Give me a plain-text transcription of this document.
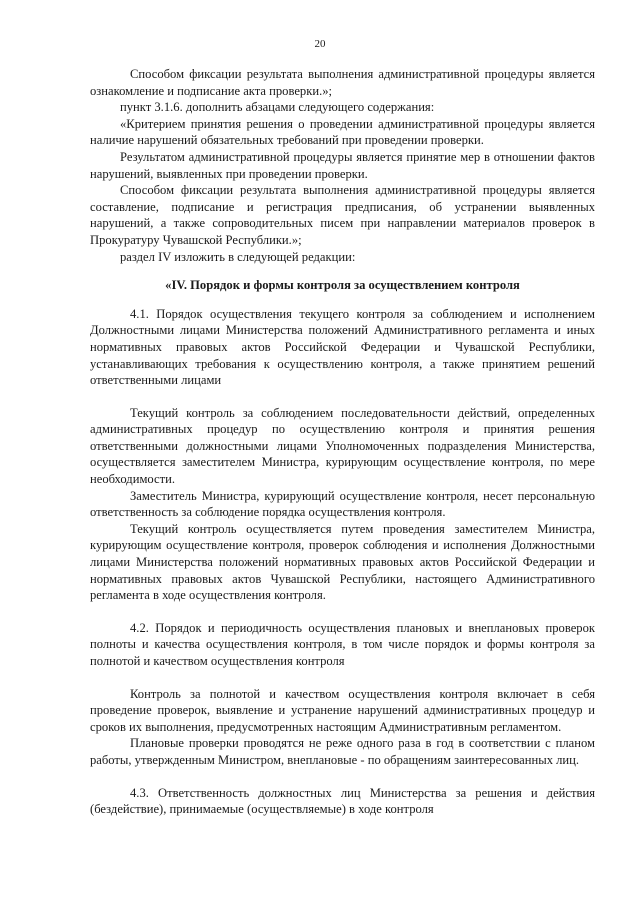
20

Способом фиксации результата выполнения административной процедуры является ознакомление и подписание акта проверки.»;

пункт 3.1.6. дополнить абзацами следующего содержания:

«Критерием принятия решения о проведении административной процедуры является наличие нарушений обязательных требований при проведении проверки.

Результатом административной процедуры является принятие мер в отношении фактов нарушений, выявленных при проведении проверки.

Способом фиксации результата выполнения административной процедуры является составление, подписание и регистрация предписания, об устранении выявленных нарушений, а также сопроводительных писем при направлении материалов проверок в Прокуратуру Чувашской Республики.»;

раздел IV изложить в следующей редакции:

«IV. Порядок и формы контроля за осуществлением контроля

4.1. Порядок осуществления текущего контроля за соблюдением и исполнением Должностными лицами Министерства положений Административного регламента и иных нормативных правовых актов Российской Федерации и Чувашской Республики, устанавливающих требования к осуществлению контроля, а также принятием решений ответственными лицами

Текущий контроль за соблюдением последовательности действий, определенных административных процедур по осуществлению контроля и принятия решения ответственными должностными лицами Уполномоченных подразделения Министерства, осуществляется заместителем Министра, курирующим осуществление контроля, по мере необходимости.

Заместитель Министра, курирующий осуществление контроля, несет персональную ответственность за соблюдение порядка осуществления контроля.

Текущий контроль осуществляется путем проведения заместителем Министра, курирующим осуществление контроля, проверок соблюдения и исполнения Должностными лицами Министерства положений нормативных правовых актов Российской Федерации и нормативных правовых актов Чувашской Республики, настоящего Административного регламента в ходе осуществления контроля.

4.2. Порядок и периодичность осуществления плановых и внеплановых проверок полноты и качества осуществления контроля, в том числе порядок и формы контроля за полнотой и качеством осуществления контроля

Контроль за полнотой и качеством осуществления контроля включает в себя проведение проверок, выявление и устранение нарушений административных процедур и сроков их выполнения, предусмотренных настоящим Административным регламентом.

Плановые проверки проводятся не реже одного раза в год в соответствии с планом работы, утвержденным Министром, внеплановые - по обращениям заинтересованных лиц.

4.3. Ответственность должностных лиц Министерства за решения и действия (бездействие), принимаемые (осуществляемые) в ходе контроля
